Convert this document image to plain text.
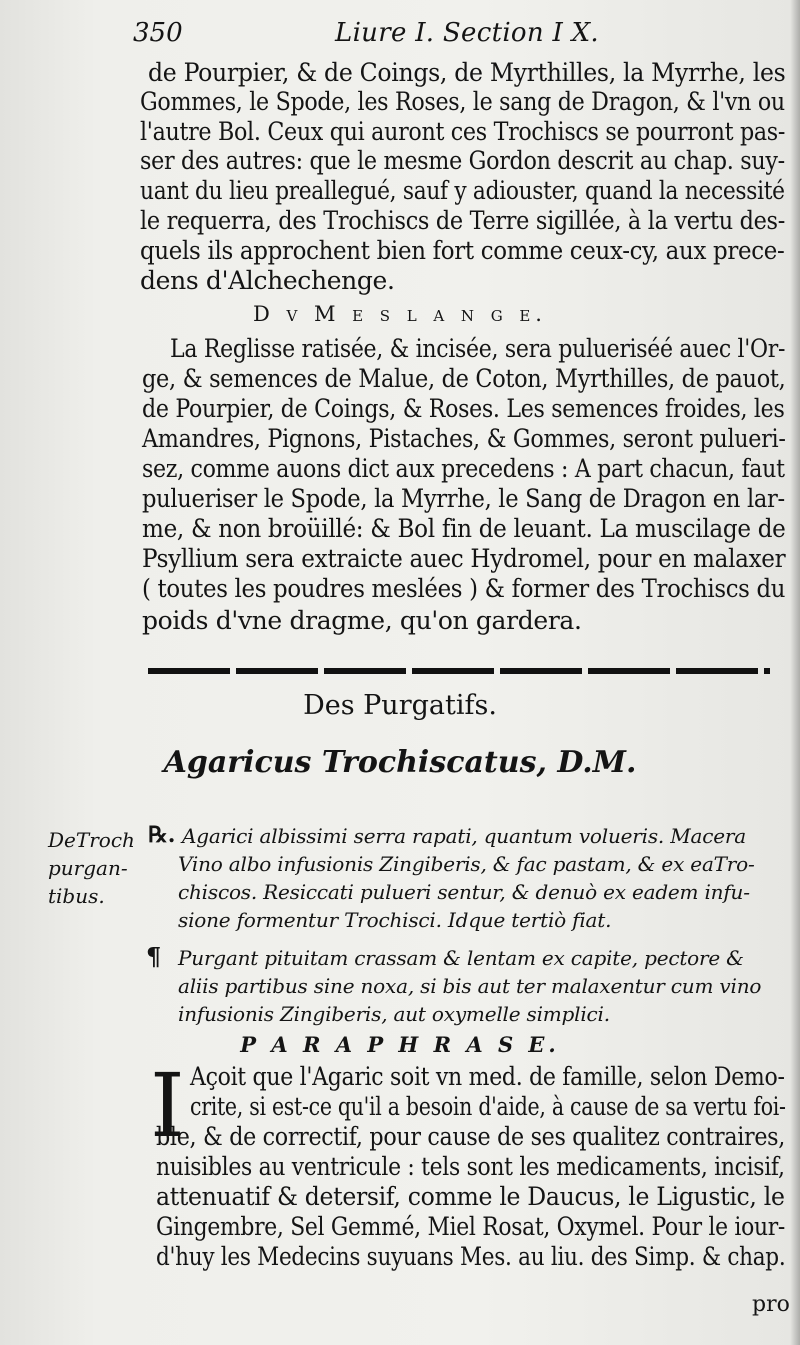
350	Liure I. Section I X.
de Pourpier, & de Coings, de Myrthilles, la Myrrhe, les
Gommes, le Spode, les Roses, le sang de Dragon, & l'vn ou
l'autre Bol. Ceux qui auront ces Trochiscs se pourront pas-
ser des autres: que le mesme Gordon descrit au chap. suy-
uant du lieu preallegué, sauf y adiouster, quand la necessité
le requerra, des Trochiscs de Terre sigillée, à la vertu des-
quels ils approchent bien fort comme ceux-cy, aux prece-
dens d'Alchechenge.
D v M e s l a n g e.
La Reglisse ratisée, & incisée, sera pulueriséé auec l'Or-
ge, & semences de Malue, de Coton, Myrthilles, de pauot,
de Pourpier, de Coings, & Roses. Les semences froides, les
Amandres, Pignons, Pistaches, & Gommes, seront pulueri-
sez, comme auons dict aux precedens : A part chacun, faut
pulueriser le Spode, la Myrrhe, le Sang de Dragon en lar-
me, & non broüillé: & Bol fin de leuant. La muscilage de
Psyllium sera extraicte auec Hydromel, pour en malaxer
( toutes les poudres meslées ) & former des Trochiscs du
poids d'vne dragme, qu'on gardera.
Des Purgatifs.
Agaricus Trochiscatus, D.M.
DeTroch
purgan-
tibus.
℞. Agarici albissimi serra rapati, quantum volueris. Macera
Vino albo infusionis Zingiberis, & fac pastam, & ex eaTro-
chiscos. Resiccati pulueri sentur, & denuò ex eadem infu-
sione formentur Trochisci. Idque tertiò fiat.
¶ Purgant pituitam crassam & lentam ex capite, pectore &
aliis partibus sine noxa, si bis aut ter malaxentur cum vino
infusionis Zingiberis, aut oxymelle simplici.
P A R A P H R A S E.
I Açoit que l'Agaric soit vn med. de famille, selon Demo-
crite, si est-ce qu'il a besoin d'aide, à cause de sa vertu foi-
ble, & de correctif, pour cause de ses qualitez contraires,
nuisibles au ventricule : tels sont les medicaments, incisif,
attenuatif & detersif, comme le Daucus, le Ligustic, le
Gingembre, Sel Gemmé, Miel Rosat, Oxymel. Pour le iour-
d'huy les Medecins suyuans Mes. au liu. des Simp. & chap.
pro
